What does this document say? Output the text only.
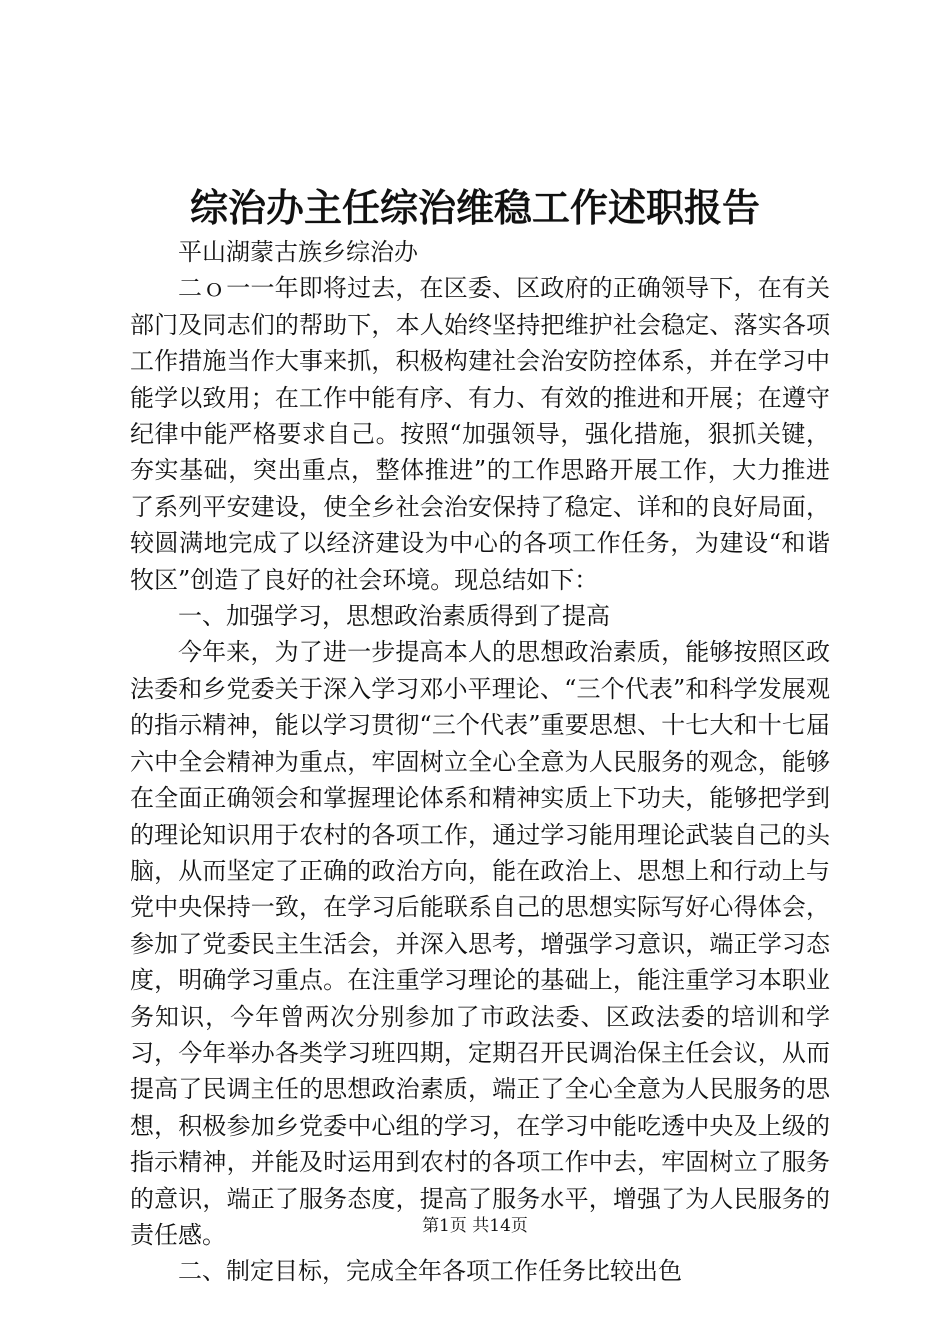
综治办主任综治维稳工作述职报告

平山湖蒙古族乡综治办

二ｏ一一年即将过去，在区委、区政府的正确领导下，在有关部门及同志们的帮助下，本人始终坚持把维护社会稳定、落实各项工作措施当作大事来抓，积极构建社会治安防控体系，并在学习中能学以致用；在工作中能有序、有力、有效的推进和开展；在遵守纪律中能严格要求自己。按照“加强领导，强化措施，狠抓关键，夯实基础，突出重点，整体推进”的工作思路开展工作，大力推进了系列平安建设，使全乡社会治安保持了稳定、详和的良好局面，较圆满地完成了以经济建设为中心的各项工作任务，为建设“和谐牧区”创造了良好的社会环境。现总结如下：

一、加强学习，思想政治素质得到了提高

今年来，为了进一步提高本人的思想政治素质，能够按照区政法委和乡党委关于深入学习邓小平理论、“三个代表”和科学发展观的指示精神，能以学习贯彻“三个代表”重要思想、十七大和十七届六中全会精神为重点，牢固树立全心全意为人民服务的观念，能够在全面正确领会和掌握理论体系和精神实质上下功夫，能够把学到的理论知识用于农村的各项工作，通过学习能用理论武装自己的头脑，从而坚定了正确的政治方向，能在政治上、思想上和行动上与党中央保持一致，在学习后能联系自己的思想实际写好心得体会，参加了党委民主生活会，并深入思考，增强学习意识，端正学习态度，明确学习重点。在注重学习理论的基础上，能注重学习本职业务知识，今年曾两次分别参加了市政法委、区政法委的培训和学习，今年举办各类学习班四期，定期召开民调治保主任会议，从而提高了民调主任的思想政治素质，端正了全心全意为人民服务的思想，积极参加乡党委中心组的学习，在学习中能吃透中央及上级的指示精神，并能及时运用到农村的各项工作中去，牢固树立了服务的意识，端正了服务态度，提高了服务水平，增强了为人民服务的责任感。

二、制定目标，完成全年各项工作任务比较出色

第1页 共14页
